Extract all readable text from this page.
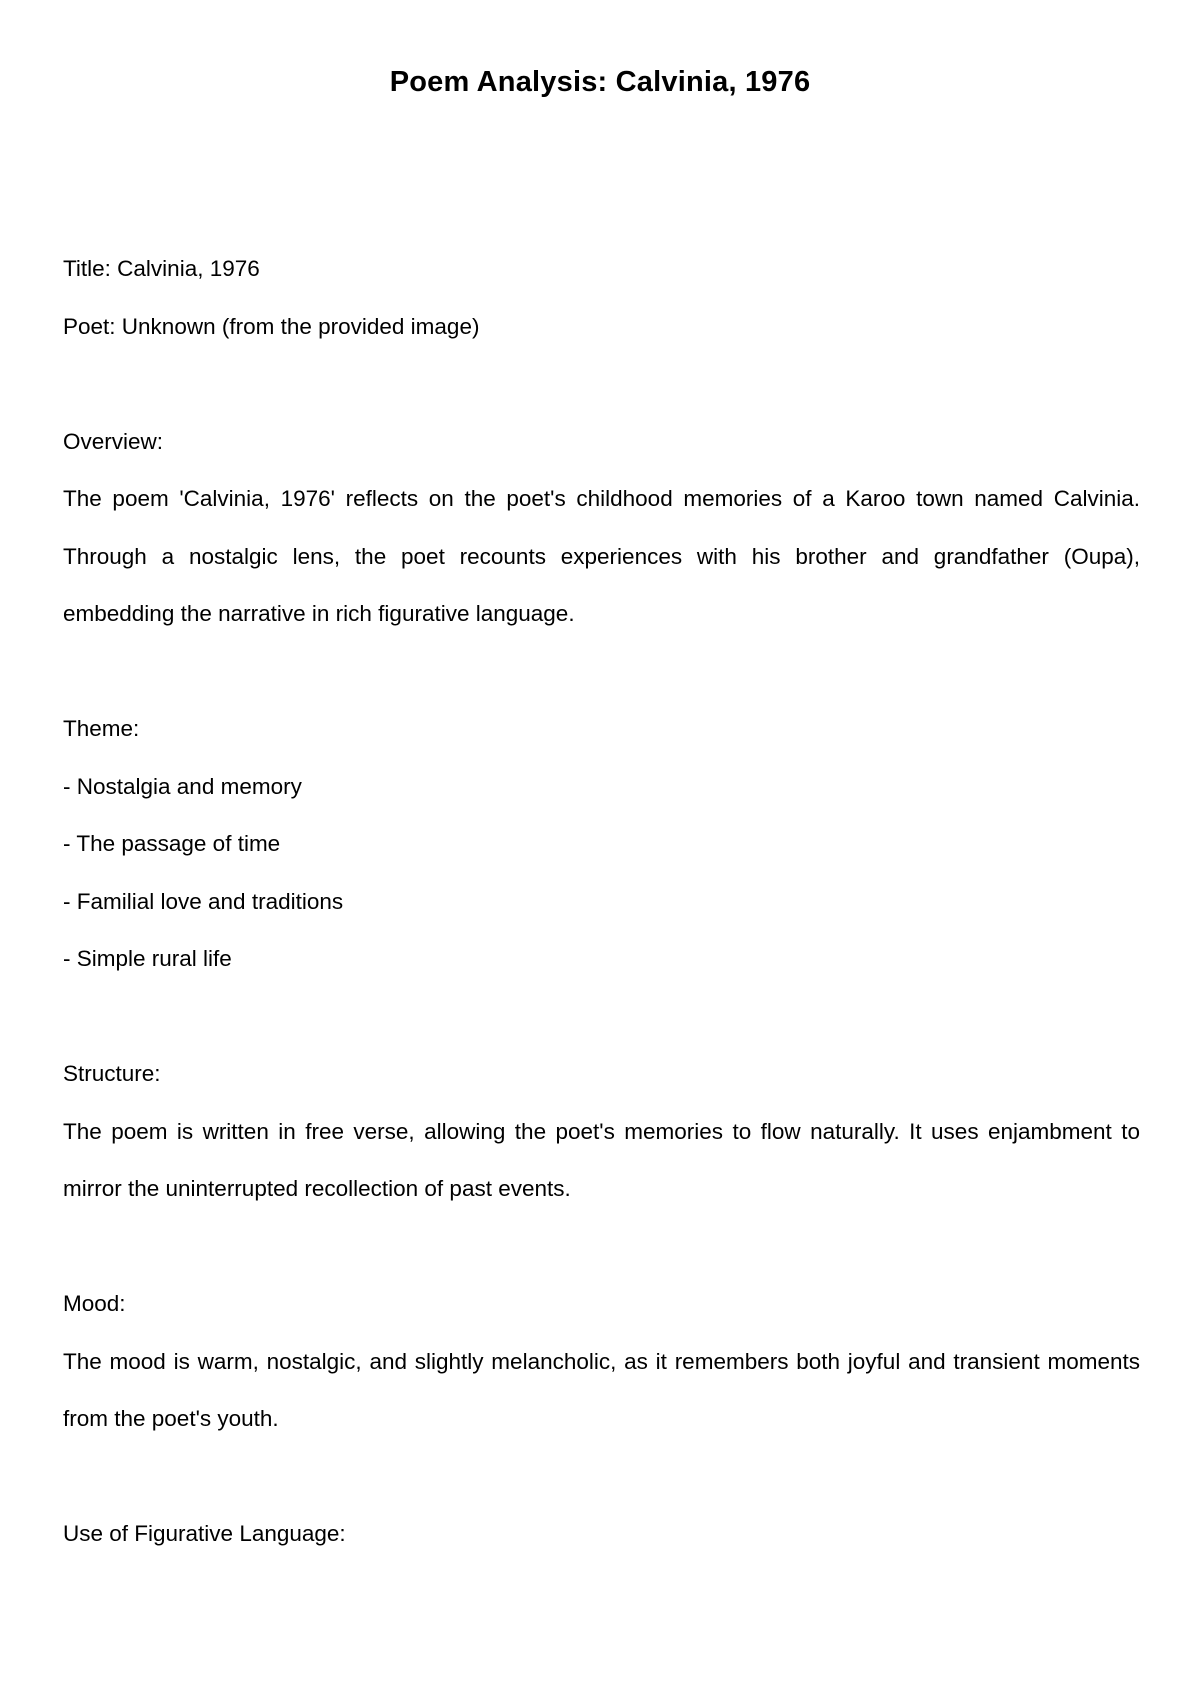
Poem Analysis: Calvinia, 1976

Title: Calvinia, 1976

Poet: Unknown (from the provided image)

Overview:

The poem 'Calvinia, 1976' reflects on the poet's childhood memories of a Karoo town named Calvinia. Through a nostalgic lens, the poet recounts experiences with his brother and grandfather (Oupa), embedding the narrative in rich figurative language.

Theme:

- Nostalgia and memory
- The passage of time
- Familial love and traditions
- Simple rural life

Structure:

The poem is written in free verse, allowing the poet's memories to flow naturally. It uses enjambment to mirror the uninterrupted recollection of past events.

Mood:

The mood is warm, nostalgic, and slightly melancholic, as it remembers both joyful and transient moments from the poet's youth.

Use of Figurative Language:
